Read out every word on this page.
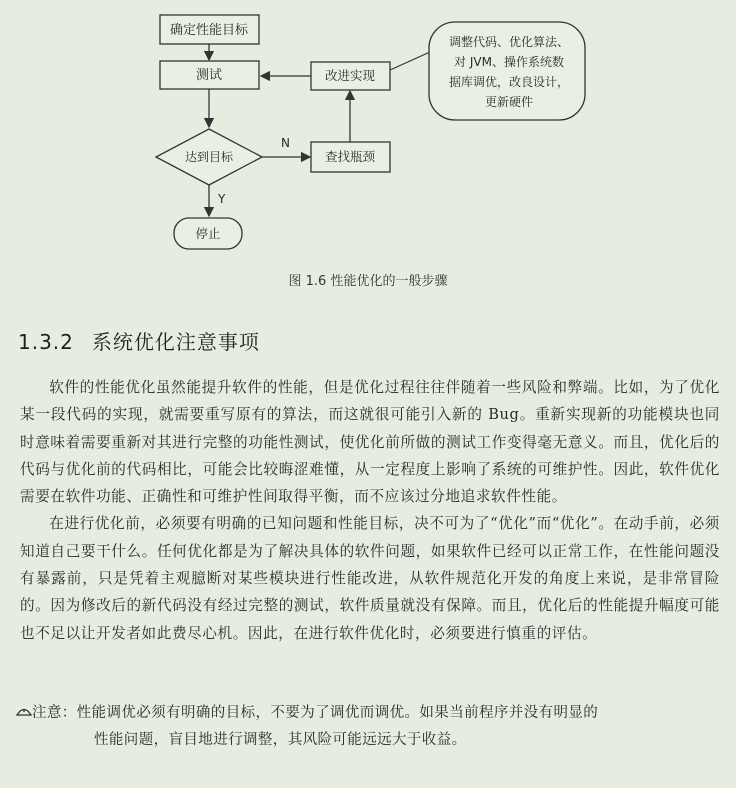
确定性能目标
测试
达到目标
N
查找瓶颈
改进实现
调整代码、优化算法、
对 JVM、操作系统数
据库调优，改良设计，
更新硬件
Y
停止
图 1.6 性能优化的一般步骤
1.3.2 系统优化注意事项

软件的性能优化虽然能提升软件的性能，但是优化过程往往伴随着一些风险和弊端。比如，为了优化某一段代码的实现，就需要重写原有的算法，而这就很可能引入新的 Bug。重新实现新的功能模块也同时意味着需要重新对其进行完整的功能性测试，使优化前所做的测试工作变得毫无意义。而且，优化后的代码与优化前的代码相比，可能会比较晦涩难懂，从一定程度上影响了系统的可维护性。因此，软件优化需要在软件功能、正确性和可维护性间取得平衡，而不应该过分地追求软件性能。

在进行优化前，必须要有明确的已知问题和性能目标，决不可为了“优化”而“优化”。在动手前，必须知道自己要干什么。任何优化都是为了解决具体的软件问题，如果软件已经可以正常工作，在性能问题没有暴露前，只是凭着主观臆断对某些模块进行性能改进，从软件规范化开发的角度上来说，是非常冒险的。因为修改后的新代码没有经过完整的测试，软件质量就没有保障。而且，优化后的性能提升幅度可能也不足以让开发者如此费尽心机。因此，在进行软件优化时，必须要进行慎重的评估。

注意：性能调优必须有明确的目标，不要为了调优而调优。如果当前程序并没有明显的
性能问题，盲目地进行调整，其风险可能远远大于收益。
